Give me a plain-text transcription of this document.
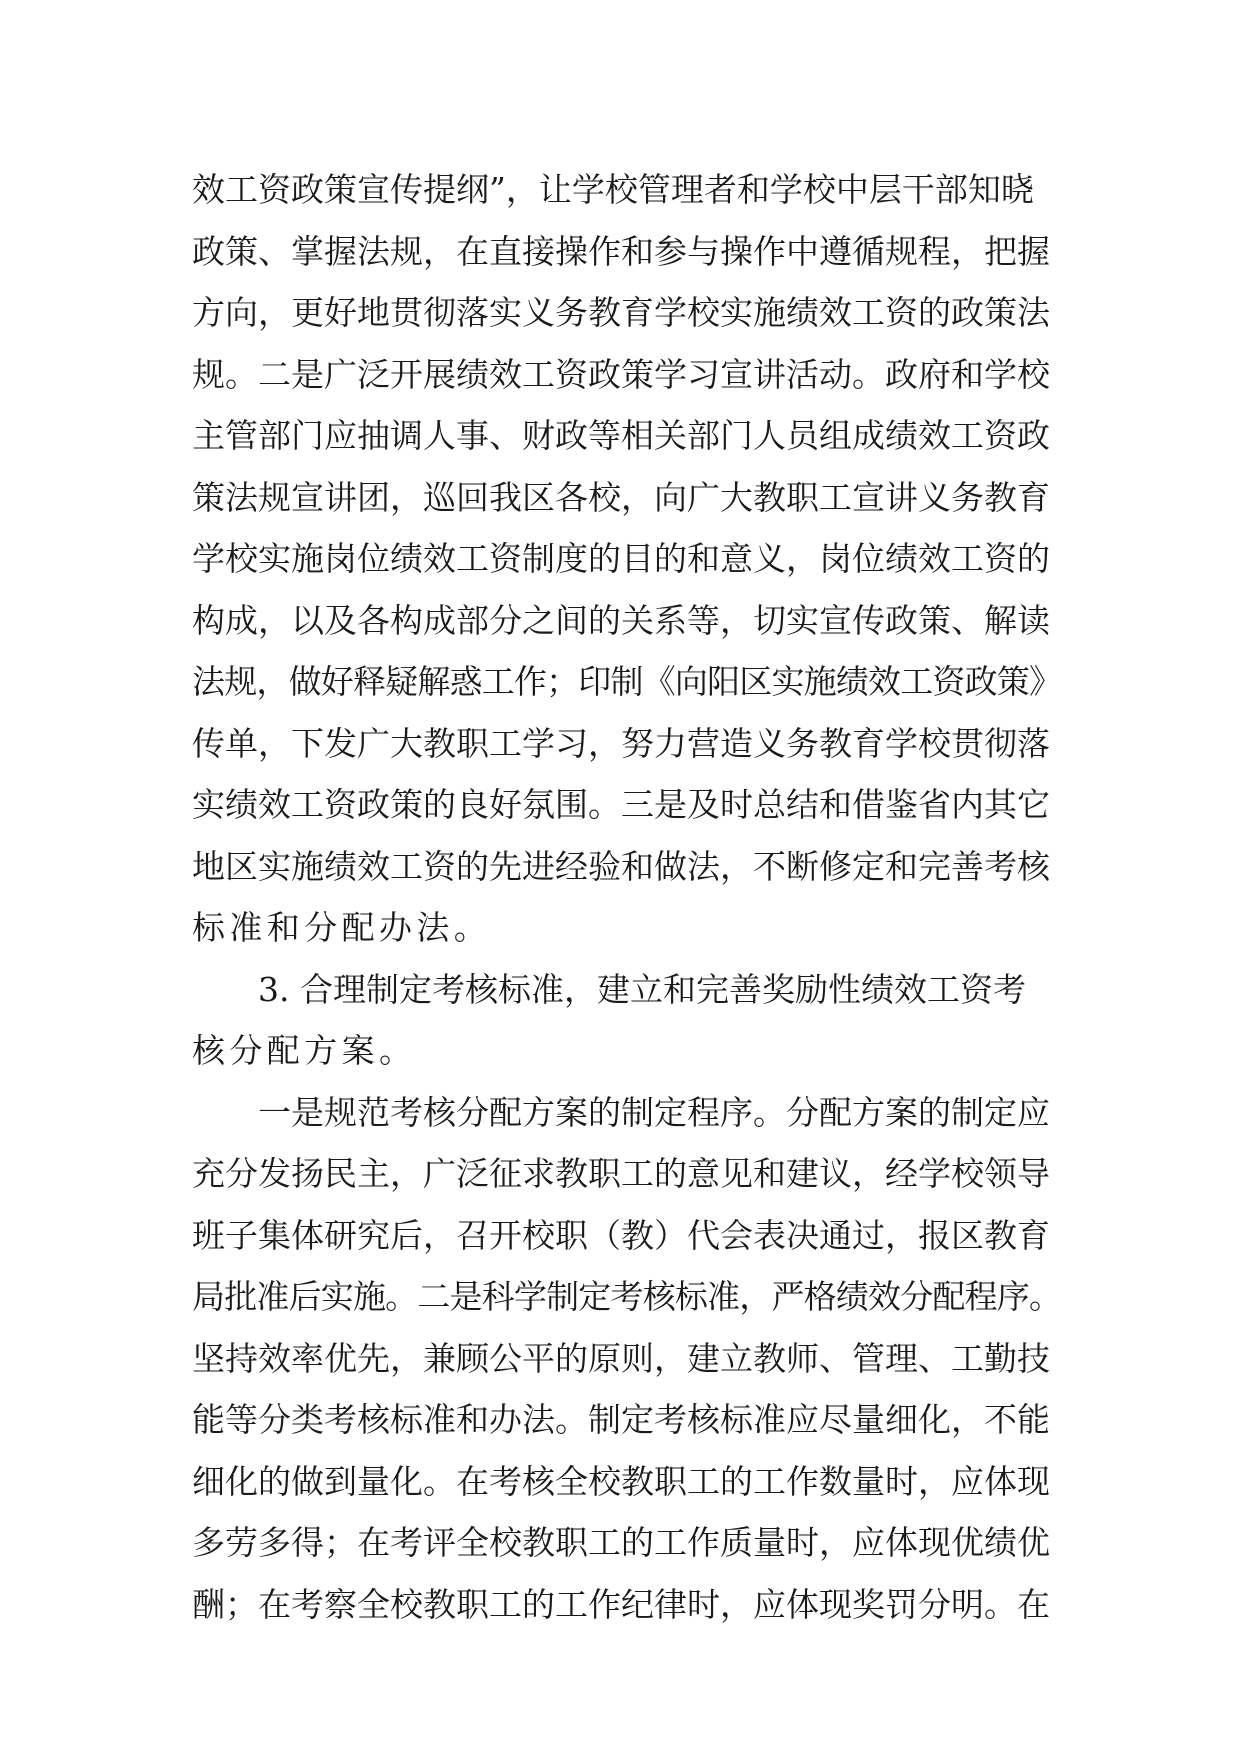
效工资政策宣传提纲”，让学校管理者和学校中层干部知晓
政策、掌握法规，在直接操作和参与操作中遵循规程，把握
方向，更好地贯彻落实义务教育学校实施绩效工资的政策法
规。二是广泛开展绩效工资政策学习宣讲活动。政府和学校
主管部门应抽调人事、财政等相关部门人员组成绩效工资政
策法规宣讲团，巡回我区各校，向广大教职工宣讲义务教育
学校实施岗位绩效工资制度的目的和意义，岗位绩效工资的
构成，以及各构成部分之间的关系等，切实宣传政策、解读
法规，做好释疑解惑工作；印制《向阳区实施绩效工资政策》
传单，下发广大教职工学习，努力营造义务教育学校贯彻落
实绩效工资政策的良好氛围。三是及时总结和借鉴省内其它
地区实施绩效工资的先进经验和做法，不断修定和完善考核
标准和分配办法。
3. 合理制定考核标准，建立和完善奖励性绩效工资考
核分配方案。
一是规范考核分配方案的制定程序。分配方案的制定应
充分发扬民主，广泛征求教职工的意见和建议，经学校领导
班子集体研究后，召开校职（教）代会表决通过，报区教育
局批准后实施。二是科学制定考核标准，严格绩效分配程序。
坚持效率优先，兼顾公平的原则，建立教师、管理、工勤技
能等分类考核标准和办法。制定考核标准应尽量细化，不能
细化的做到量化。在考核全校教职工的工作数量时，应体现
多劳多得；在考评全校教职工的工作质量时，应体现优绩优
酬；在考察全校教职工的工作纪律时，应体现奖罚分明。在
